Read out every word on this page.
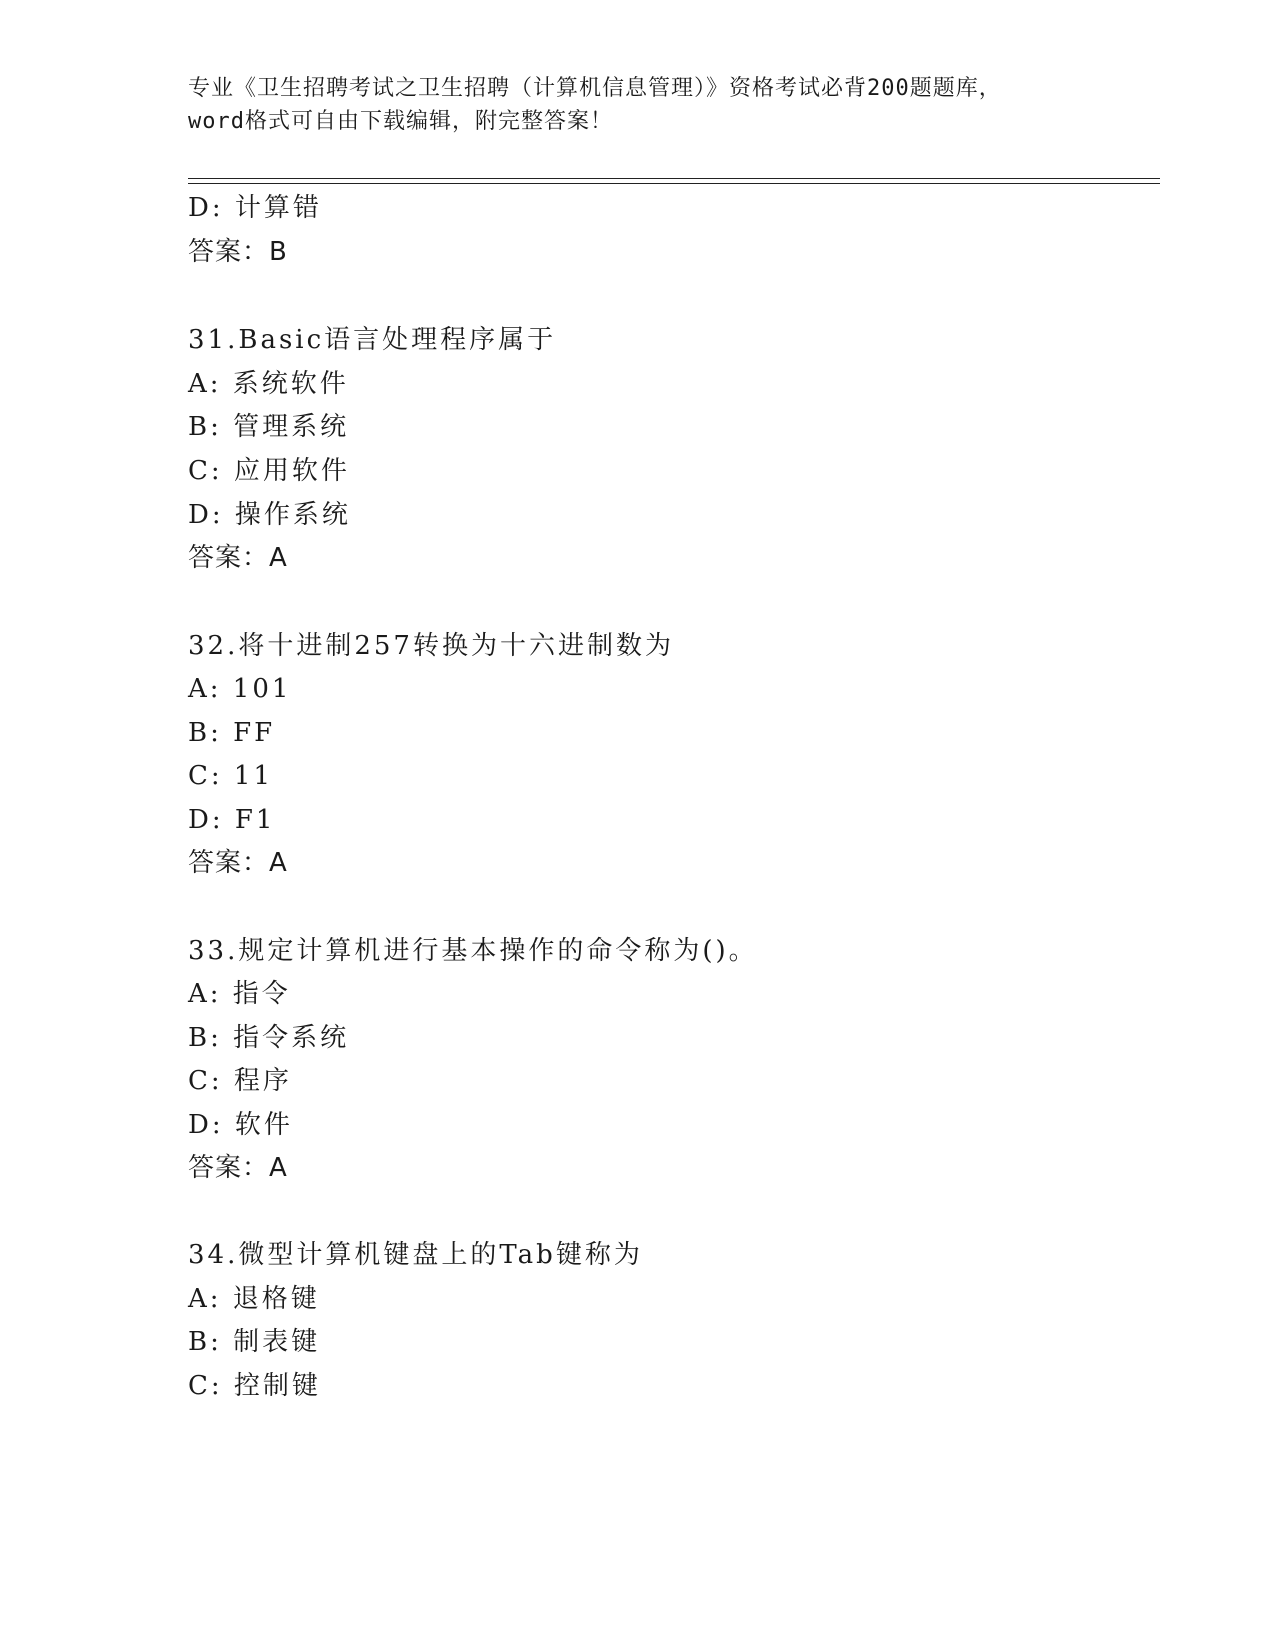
专业《卫生招聘考试之卫生招聘（计算机信息管理）》资格考试必背200题题库，
word格式可自由下载编辑，附完整答案！
D: 计算错
答案：B
31.Basic语言处理程序属于
A: 系统软件
B: 管理系统
C: 应用软件
D: 操作系统
答案：A
32.将十进制257转换为十六进制数为
A: 101
B: FF
C: 11
D: F1
答案：A
33.规定计算机进行基本操作的命令称为()。
A: 指令
B: 指令系统
C: 程序
D: 软件
答案：A
34.微型计算机键盘上的Tab键称为
A: 退格键
B: 制表键
C: 控制键
